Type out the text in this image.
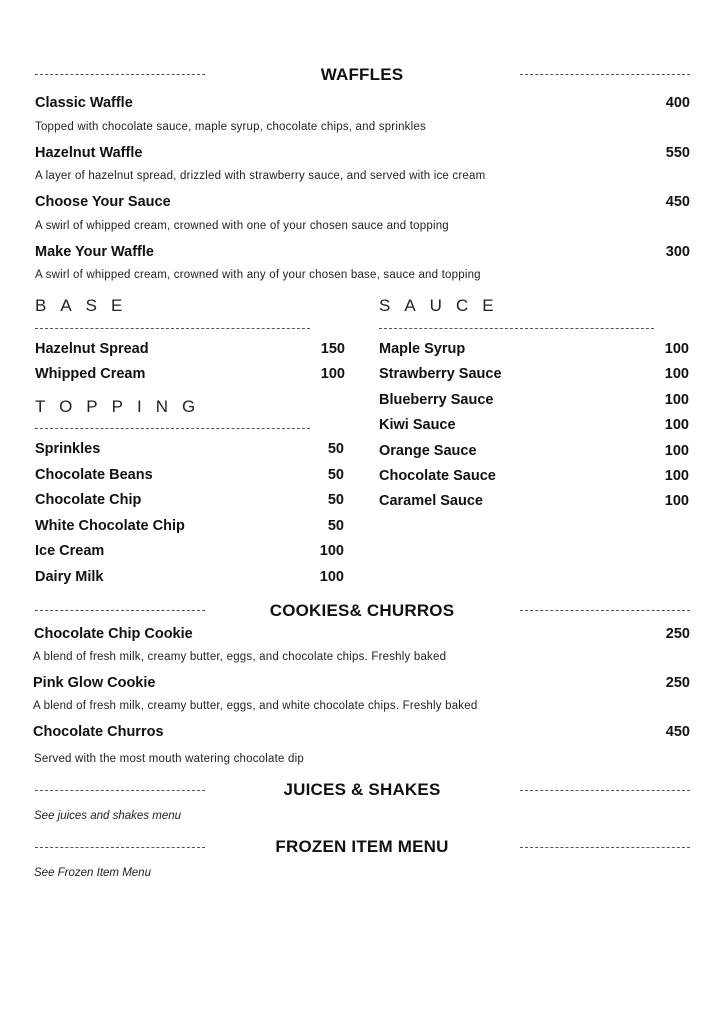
WAFFLES
Classic Waffle	400
Topped with chocolate sauce, maple syrup, chocolate chips, and sprinkles
Hazelnut Waffle	550
A layer of hazelnut spread, drizzled with strawberry sauce, and served with ice cream
Choose Your Sauce	450
A swirl of whipped cream, crowned with one of your chosen sauce and topping
Make Your Waffle	300
A swirl of whipped cream, crowned with any of your chosen base, sauce and topping
BASE
Hazelnut Spread	150
Whipped Cream	100
TOPPING
Sprinkles	50
Chocolate Beans	50
Chocolate Chip	50
White Chocolate Chip	50
Ice Cream	100
Dairy Milk	100
SAUCE
Maple Syrup	100
Strawberry Sauce	100
Blueberry Sauce	100
Kiwi Sauce	100
Orange Sauce	100
Chocolate Sauce	100
Caramel Sauce	100
COOKIES& CHURROS
Chocolate Chip Cookie	250
A blend of fresh milk, creamy butter, eggs, and chocolate chips. Freshly baked
Pink Glow Cookie	250
A blend of fresh milk, creamy butter, eggs, and white chocolate chips. Freshly baked
Chocolate Churros	450
Served with the most mouth watering chocolate dip
JUICES & SHAKES
See juices and shakes menu
FROZEN ITEM MENU
See Frozen Item Menu
